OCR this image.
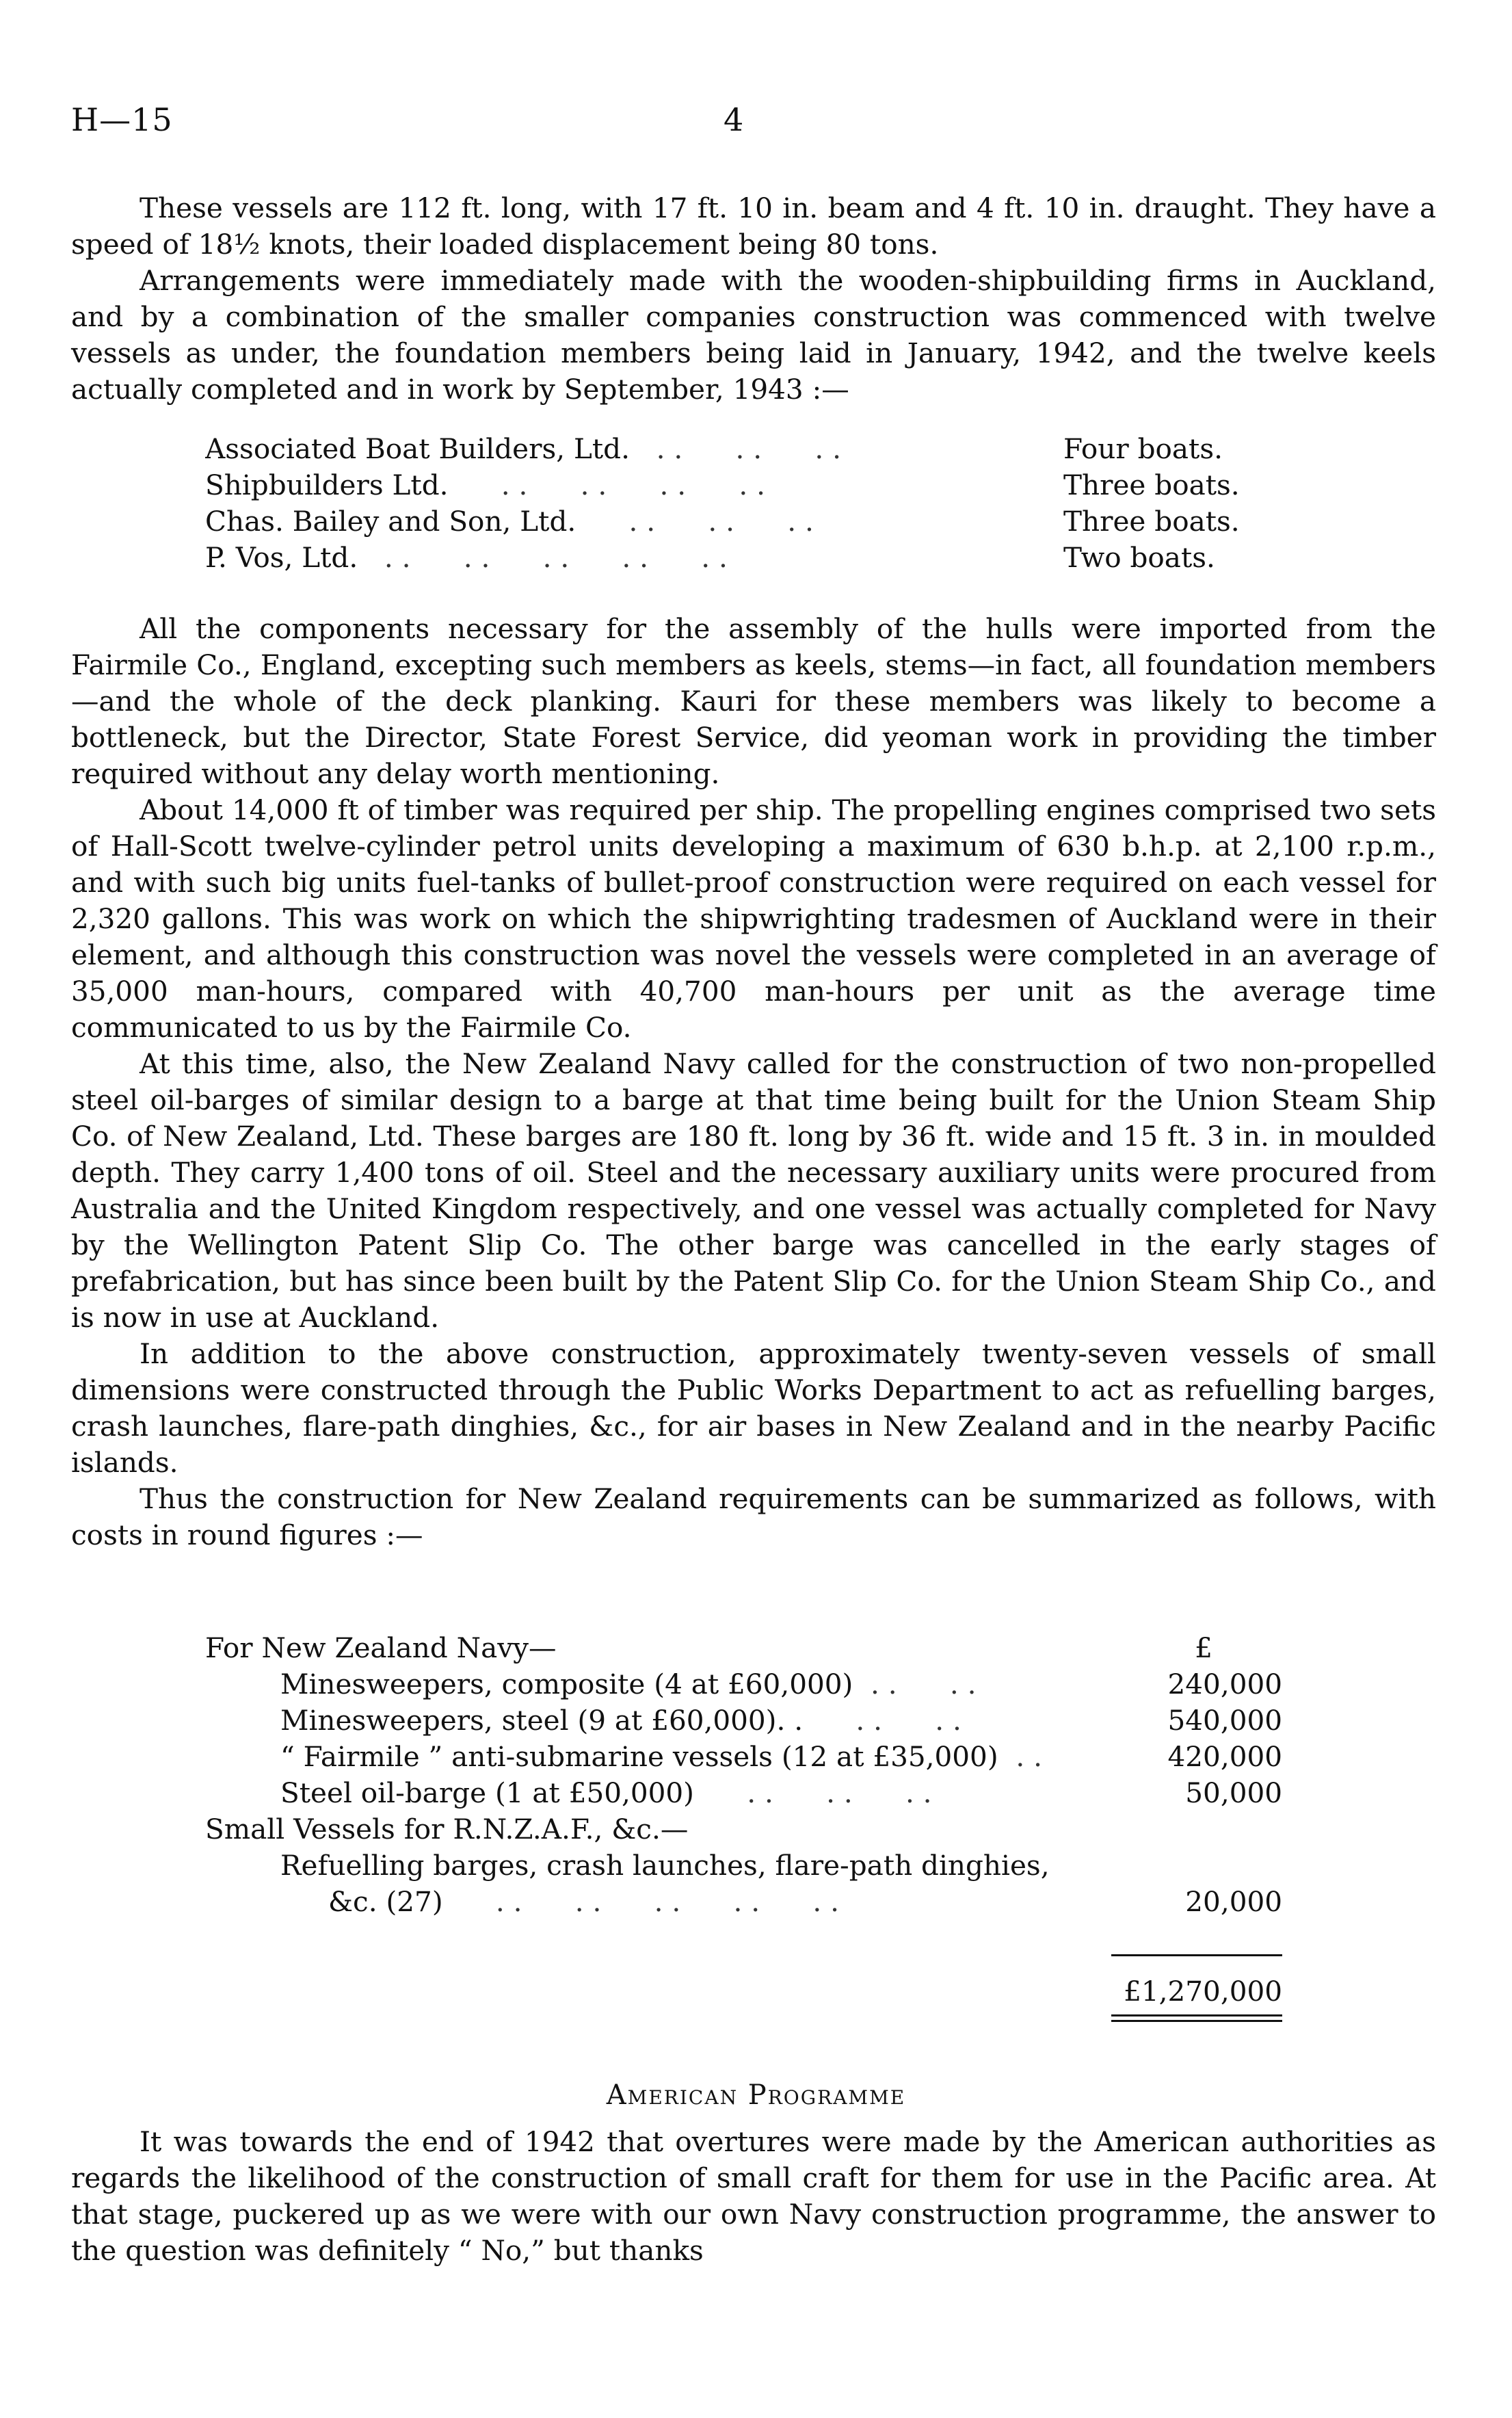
H—15	4

These vessels are 112 ft. long, with 17 ft. 10 in. beam and 4 ft. 10 in. draught. They have a speed of 18½ knots, their loaded displacement being 80 tons.

Arrangements were immediately made with the wooden-shipbuilding firms in Auckland, and by a combination of the smaller companies construction was commenced with twelve vessels as under, the foundation members being laid in January, 1942, and the twelve keels actually completed and in work by September, 1943 :—

Associated Boat Builders, Ltd.   . .      . .      . .	Four boats.
Shipbuilders Ltd.      . .      . .      . .      . .	Three boats.
Chas. Bailey and Son, Ltd.      . .      . .      . .	Three boats.
P. Vos, Ltd.   . .      . .      . .      . .      . .	Two boats.

All the components necessary for the assembly of the hulls were imported from the Fairmile Co., England, excepting such members as keels, stems—in fact, all foundation members—and the whole of the deck planking. Kauri for these members was likely to become a bottleneck, but the Director, State Forest Service, did yeoman work in providing the timber required without any delay worth mentioning.

About 14,000 ft of timber was required per ship. The propelling engines comprised two sets of Hall-Scott twelve-cylinder petrol units developing a maximum of 630 b.h.p. at 2,100 r.p.m., and with such big units fuel-tanks of bullet-proof construction were required on each vessel for 2,320 gallons. This was work on which the shipwrighting tradesmen of Auckland were in their element, and although this construction was novel the vessels were completed in an average of 35,000 man-hours, compared with 40,700 man-hours per unit as the average time communicated to us by the Fairmile Co.

At this time, also, the New Zealand Navy called for the construction of two non-propelled steel oil-barges of similar design to a barge at that time being built for the Union Steam Ship Co. of New Zealand, Ltd. These barges are 180 ft. long by 36 ft. wide and 15 ft. 3 in. in moulded depth. They carry 1,400 tons of oil. Steel and the necessary auxiliary units were procured from Australia and the United Kingdom respectively, and one vessel was actually completed for Navy by the Wellington Patent Slip Co. The other barge was cancelled in the early stages of prefabrication, but has since been built by the Patent Slip Co. for the Union Steam Ship Co., and is now in use at Auckland.

In addition to the above construction, approximately twenty-seven vessels of small dimensions were constructed through the Public Works Department to act as refuelling barges, crash launches, flare-path dinghies, &c., for air bases in New Zealand and in the nearby Pacific islands.

Thus the construction for New Zealand requirements can be summarized as follows, with costs in round figures :—

For New Zealand Navy—	£
Minesweepers, composite (4 at £60,000)  . .      . .	240,000
Minesweepers, steel (9 at £60,000). .      . .      . .	540,000
“ Fairmile ” anti-submarine vessels (12 at £35,000)  . .	420,000
Steel oil-barge (1 at £50,000)      . .      . .      . .	50,000
Small Vessels for R.N.Z.A.F., &c.—
Refuelling barges, crash launches, flare-path dinghies,
&c. (27)      . .      . .      . .      . .      . .	20,000
£1,270,000
American Programme

It was towards the end of 1942 that overtures were made by the American authorities as regards the likelihood of the construction of small craft for them for use in the Pacific area. At that stage, puckered up as we were with our own Navy construction programme, the answer to the question was definitely “ No,” but thanks
